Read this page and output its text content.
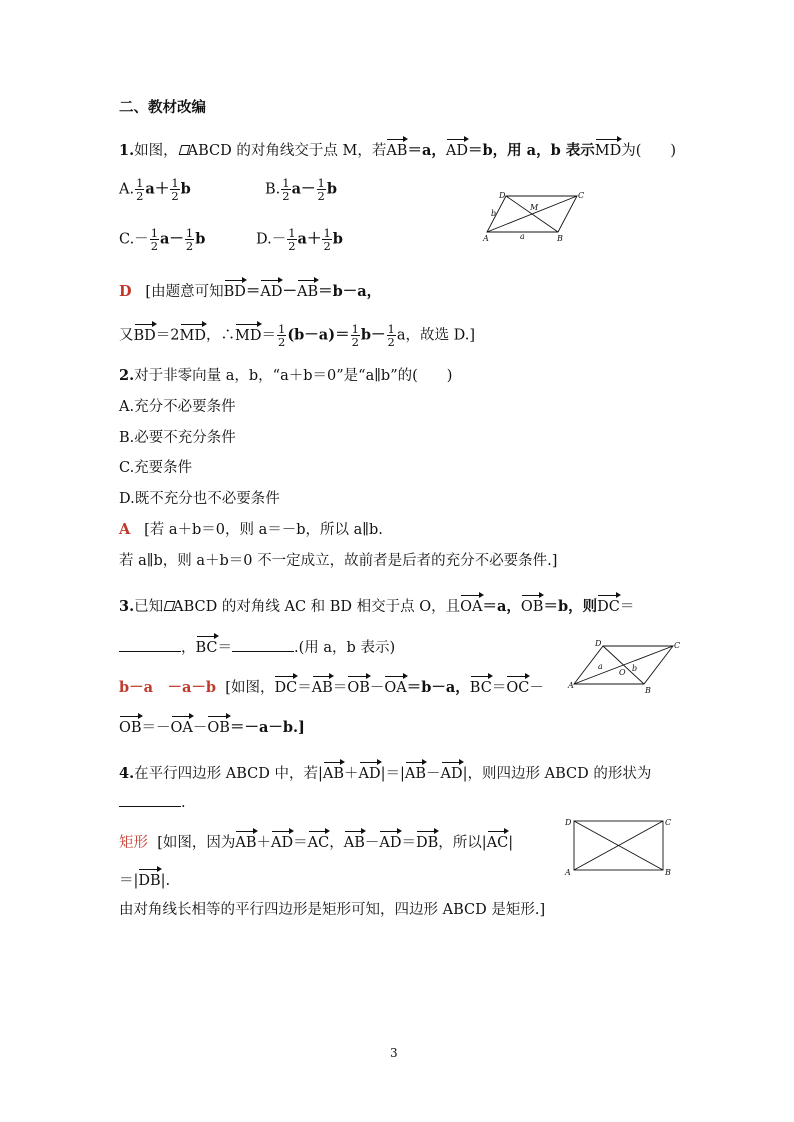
二、教材改编
1.如图， ABCD 的对角线交于点 M，若AB＝a，AD＝b，用 a，b 表示MD为(　　)
A. $\frac{1}{2} a+ \frac{1}{2}$ b	B. $\frac{1}{2} a- \frac{1}{2}$ b
$C.- \frac{1}{2} a- \frac{1}{2}$ b	$D.- \frac{1}{2} a+ \frac{1}{2}$ b	A	B
C
D
M
a
b
D [由题意可知BD＝AD－AB＝b－a，
又BD＝2MD，∴MD＝ $\frac{1}{2} (b-a)= \frac{1}{2} b- \frac{1}{2}$ a，故选 D.]
2.对于非零向量 a，b，“a＋b＝0”是“a∥b”的(　　)
A.充分不必要条件
B.必要不充分条件
C.充要条件
D.既不充分也不必要条件
A [若 a＋b＝0，则 a＝－b，所以 a∥b.
若 a∥b，则 a＋b＝0 不一定成立，故前者是后者的充分不必要条件.]
3.已知 ABCD 的对角线 AC 和 BD 相交于点 O，且OA＝a，OB＝b，则DC＝
，BC＝	.(用 a，b 表示)
A
B
C
D
O
a	b
b－a　－a－b [如图，DC＝AB＝OB－OA＝b－a，BC＝OC－
OB＝－OA－OB＝－a－b.]
4.在平行四边形 ABCD 中，若|AB＋AD|＝|AB－AD|，则四边形 ABCD 的形状为
.
A	B
C
D
矩形 [如图，因为AB＋AD＝AC，AB－AD＝DB，所以|AC|
＝|DB|.
由对角线长相等的平行四边形是矩形可知，四边形 ABCD 是矩形.]
3
